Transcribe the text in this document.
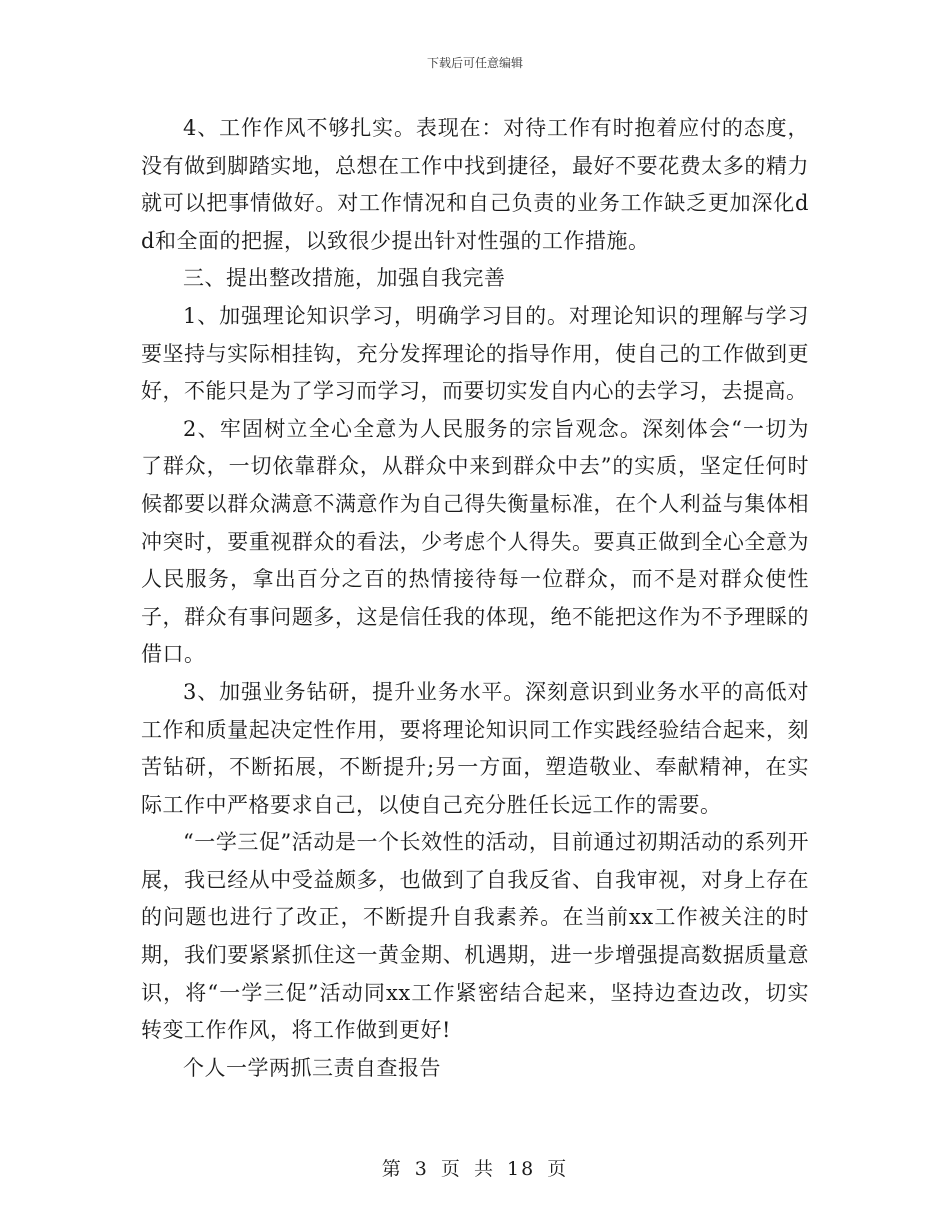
下载后可任意编辑

4、工作作风不够扎实。表现在：对待工作有时抱着应付的态度，没有做到脚踏实地，总想在工作中找到捷径，最好不要花费太多的精力就可以把事情做好。对工作情况和自己负责的业务工作缺乏更加深化dd和全面的把握，以致很少提出针对性强的工作措施。

三、提出整改措施，加强自我完善

1、加强理论知识学习，明确学习目的。对理论知识的理解与学习要坚持与实际相挂钩，充分发挥理论的指导作用，使自己的工作做到更好，不能只是为了学习而学习，而要切实发自内心的去学习，去提高。

2、牢固树立全心全意为人民服务的宗旨观念。深刻体会“一切为了群众，一切依靠群众，从群众中来到群众中去”的实质，坚定任何时候都要以群众满意不满意作为自己得失衡量标准，在个人利益与集体相冲突时，要重视群众的看法，少考虑个人得失。要真正做到全心全意为人民服务，拿出百分之百的热情接待每一位群众，而不是对群众使性子，群众有事问题多，这是信任我的体现，绝不能把这作为不予理睬的借口。

3、加强业务钻研，提升业务水平。深刻意识到业务水平的高低对工作和质量起决定性作用，要将理论知识同工作实践经验结合起来，刻苦钻研，不断拓展，不断提升;另一方面，塑造敬业、奉献精神，在实际工作中严格要求自己，以使自己充分胜任长远工作的需要。

“一学三促”活动是一个长效性的活动，目前通过初期活动的系列开展，我已经从中受益颇多，也做到了自我反省、自我审视，对身上存在的问题也进行了改正，不断提升自我素养。在当前xx工作被关注的时期，我们要紧紧抓住这一黄金期、机遇期，进一步增强提高数据质量意识，将“一学三促”活动同xx工作紧密结合起来，坚持边查边改，切实转变工作作风，将工作做到更好!

个人一学两抓三责自查报告

第 3 页 共 18 页
